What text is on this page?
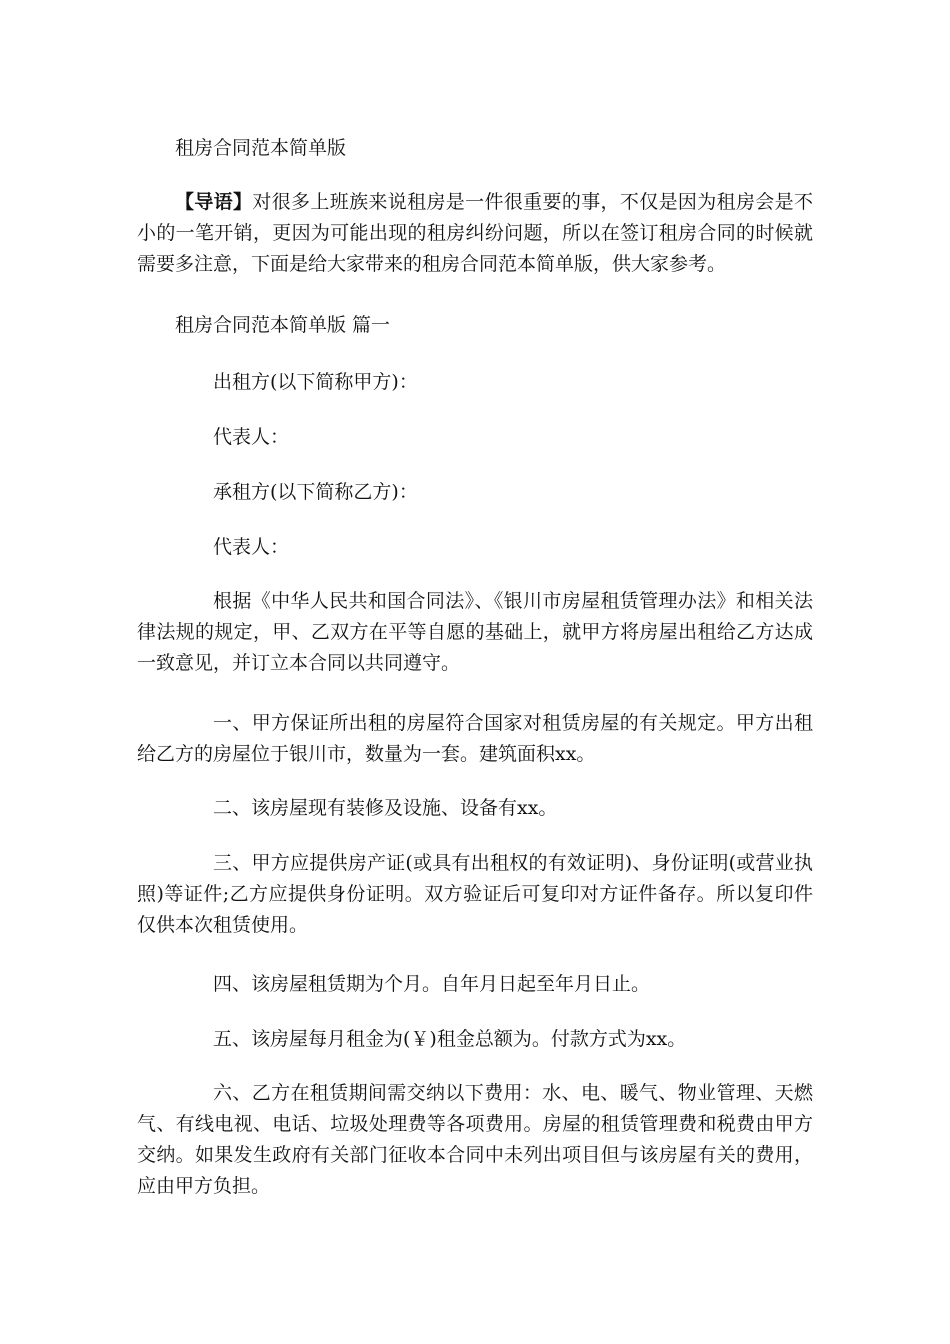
租房合同范本简单版
【导语】对很多上班族来说租房是一件很重要的事，不仅是因为租房会是不小的一笔开销，更因为可能出现的租房纠纷问题，所以在签订租房合同的时候就需要多注意，下面是给大家带来的租房合同范本简单版，供大家参考。
租房合同范本简单版 篇一
出租方(以下简称甲方)：
代表人：
承租方(以下简称乙方)：
代表人：
根据《中华人民共和国合同法》、《银川市房屋租赁管理办法》和相关法律法规的规定，甲、乙双方在平等自愿的基础上，就甲方将房屋出租给乙方达成一致意见，并订立本合同以共同遵守。
一、甲方保证所出租的房屋符合国家对租赁房屋的有关规定。甲方出租给乙方的房屋位于银川市，数量为一套。建筑面积xx。
二、该房屋现有装修及设施、设备有xx。
三、甲方应提供房产证(或具有出租权的有效证明)、身份证明(或营业执照)等证件;乙方应提供身份证明。双方验证后可复印对方证件备存。所以复印件仅供本次租赁使用。
四、该房屋租赁期为个月。自年月日起至年月日止。
五、该房屋每月租金为(￥)租金总额为。付款方式为xx。
六、乙方在租赁期间需交纳以下费用：水、电、暖气、物业管理、天燃气、有线电视、电话、垃圾处理费等各项费用。房屋的租赁管理费和税费由甲方交纳。如果发生政府有关部门征收本合同中未列出项目但与该房屋有关的费用，应由甲方负担。
